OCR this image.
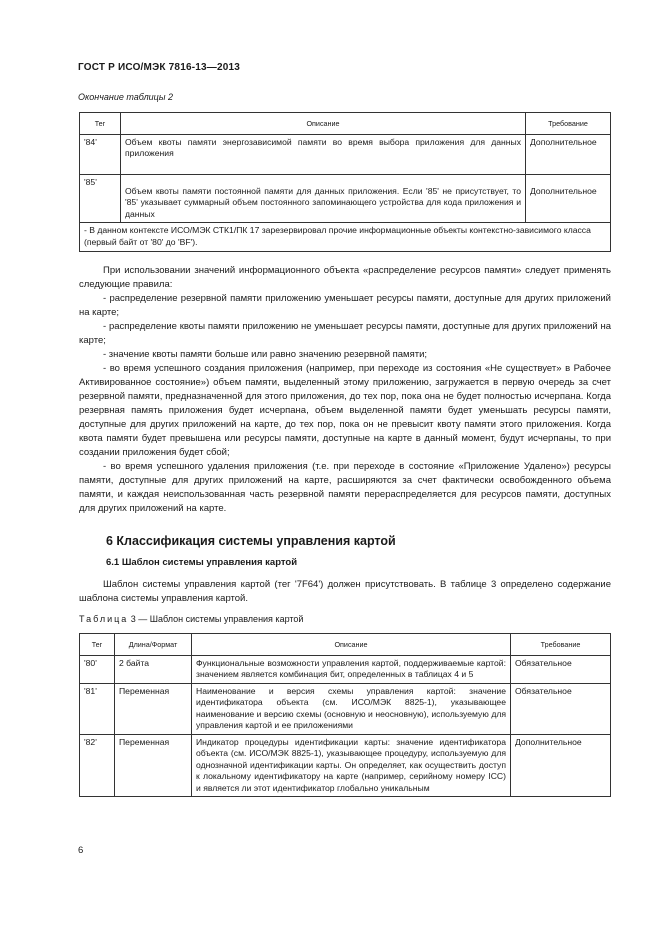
ГОСТ Р ИСО/МЭК 7816-13—2013
Окончание таблицы 2
Тег	Описание	Требование
'84'	Объем квоты памяти энергозависимой памяти во время выбора приложения для данных приложения	Дополнительное
'85'	Объем квоты памяти постоянной памяти для данных приложения. Если '85' не присутствует, то '85' указывает суммарный объем постоянного запоминающего устройства для кода приложения и данных	Дополнительное
- В данном контексте ИСО/МЭК СТК1/ПК 17 зарезервировал прочие информационные объекты контекстно-зависимого класса (первый байт от '80' до 'BF').		

При использовании значений информационного объекта «распределение ресурсов памяти» следует применять следующие правила:

- распределение резервной памяти приложению уменьшает ресурсы памяти, доступные для других приложений на карте;

- распределение квоты памяти приложению не уменьшает ресурсы памяти, доступные для других приложений на карте;

- значение квоты памяти больше или равно значению резервной памяти;

- во время успешного создания приложения (например, при переходе из состояния «Не существует» в Рабочее Активированное состояние») объем памяти, выделенный этому приложению, загружается в первую очередь за счет резервной памяти, предназначенной для этого приложения, до тех пор, пока она не будет полностью исчерпана. Когда резервная память приложения будет исчерпана, объем выделенной памяти будет уменьшать ресурсы памяти, доступные для других приложений на карте, до тех пор, пока он не превысит квоту памяти этого приложения. Когда квота памяти будет превышена или ресурсы памяти, доступные на карте в данный момент, будут исчерпаны, то при создании приложения будет сбой;

- во время успешного удаления приложения (т.е. при переходе в состояние «Приложение Удалено») ресурсы памяти, доступные для других приложений на карте, расширяются за счет фактически освобожденного объема памяти, и каждая неиспользованная часть резервной памяти перераспределяется для ресурсов памяти, доступных для других приложений на карте.

6 Классификация системы управления картой
6.1 Шаблон системы управления картой

Шаблон системы управления картой (тег '7F64') должен присутствовать. В таблице 3 определено содержание шаблона системы управления картой.

Таблица 3 — Шаблон системы управления картой
Тег	Длина/Формат	Описание	Требование
'80'	2 байта	Функциональные возможности управления картой, поддерживаемые картой: значением является комбинация бит, определенных в таблицах 4 и 5	Обязательное
'81'	Переменная	Наименование и версия схемы управления картой: значение идентификатора объекта (см. ИСО/МЭК 8825-1), указывающее наименование и версию схемы (основную и неосновную), используемую для управления картой и ее приложениями	Обязательное
'82'	Переменная	Индикатор процедуры идентификации карты: значение идентификатора объекта (см. ИСО/МЭК 8825-1), указывающее процедуру, используемую для однозначной идентификации карты. Он определяет, как осуществить доступ к локальному идентификатору на карте (например, серийному номеру ICC) и является ли этот идентификатор глобально уникальным	Дополнительное
6
